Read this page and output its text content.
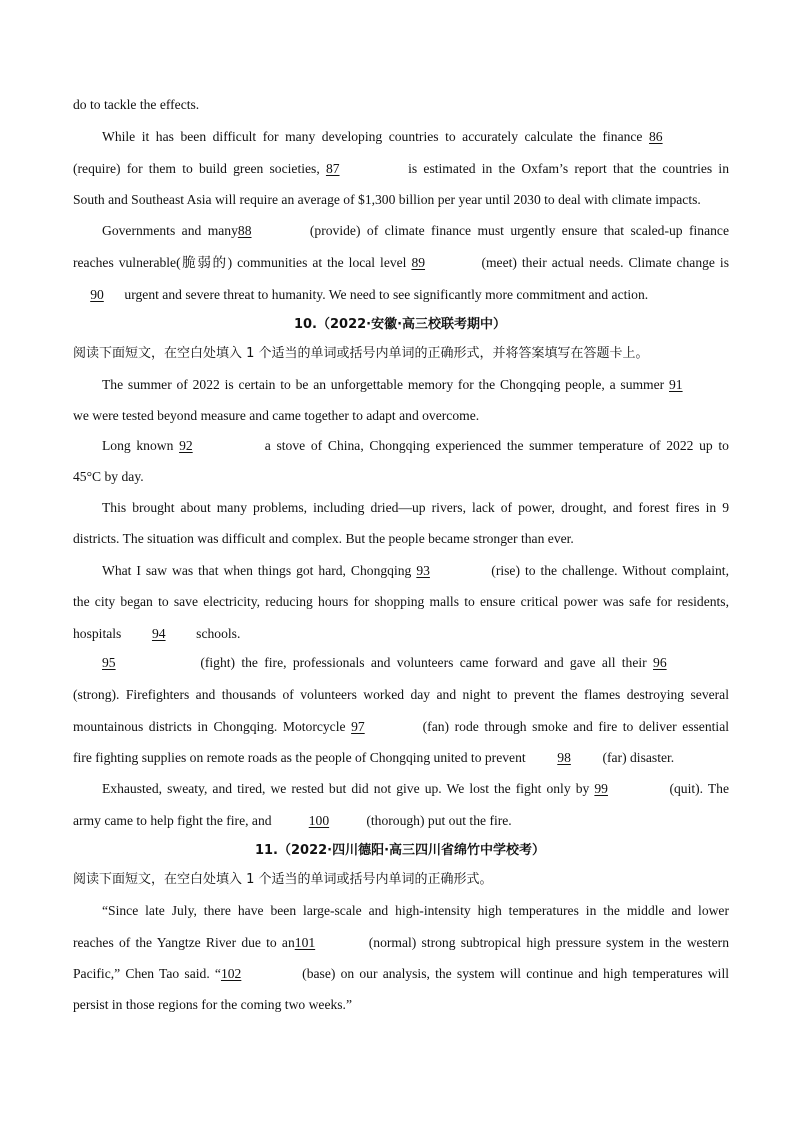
do to tackle the effects.
While it has been difficult for many developing countries to accurately calculate the finance 86
(require) for them to build green societies, 87	is estimated in the Oxfam’s report that the countries in
South and Southeast Asia will require an average of $1,300 billion per year until 2030 to deal with climate impacts.
Governments and many88	(provide) of climate finance must urgently ensure that scaled-up finance
reaches vulnerable(脆弱的) communities at the local level 89	(meet) their actual needs. Climate change is
90 urgent and severe threat to humanity. We need to see significantly more commitment and action.
10.（2022·安徽·高三校联考期中）
阅读下面短文，在空白处填入 1 个适当的单词或括号内单词的正确形式，并将答案填写在答题卡上。
The summer of 2022 is certain to be an unforgettable memory for the Chongqing people, a summer 91
we were tested beyond measure and came together to adapt and overcome.
Long known 92	a stove of China, Chongqing experienced the summer temperature of 2022 up to
45°C by day.
This brought about many problems, including dried—up rivers, lack of power, drought, and forest fires in 9
districts. The situation was difficult and complex. But the people became stronger than ever.
What I saw was that when things got hard, Chongqing 93	(rise) to the challenge. Without complaint,
the city began to save electricity, reducing hours for shopping malls to ensure critical power was safe for residents,
hospitals 94 schools.
95	(fight) the fire, professionals and volunteers came forward and gave all their 96
(strong). Firefighters and thousands of volunteers worked day and night to prevent the flames destroying several
mountainous districts in Chongqing. Motorcycle 97	(fan) rode through smoke and fire to deliver essential
fire fighting supplies on remote roads as the people of Chongqing united to prevent 98 (far) disaster.
Exhausted, sweaty, and tired, we rested but did not give up. We lost the fight only by 99	(quit). The
army came to help fight the fire, and	100	(thorough) put out the fire.
11.（2022·四川德阳·高三四川省绵竹中学校考）
阅读下面短文，在空白处填入 1 个适当的单词或括号内单词的正确形式。
“Since late July, there have been large-scale and high-intensity high temperatures in the middle and lower
reaches of the Yangtze River due to an101	(normal) strong subtropical high pressure system in the western
Pacific,” Chen Tao said. “102	(base) on our analysis, the system will continue and high temperatures will
persist in those regions for the coming two weeks.”
